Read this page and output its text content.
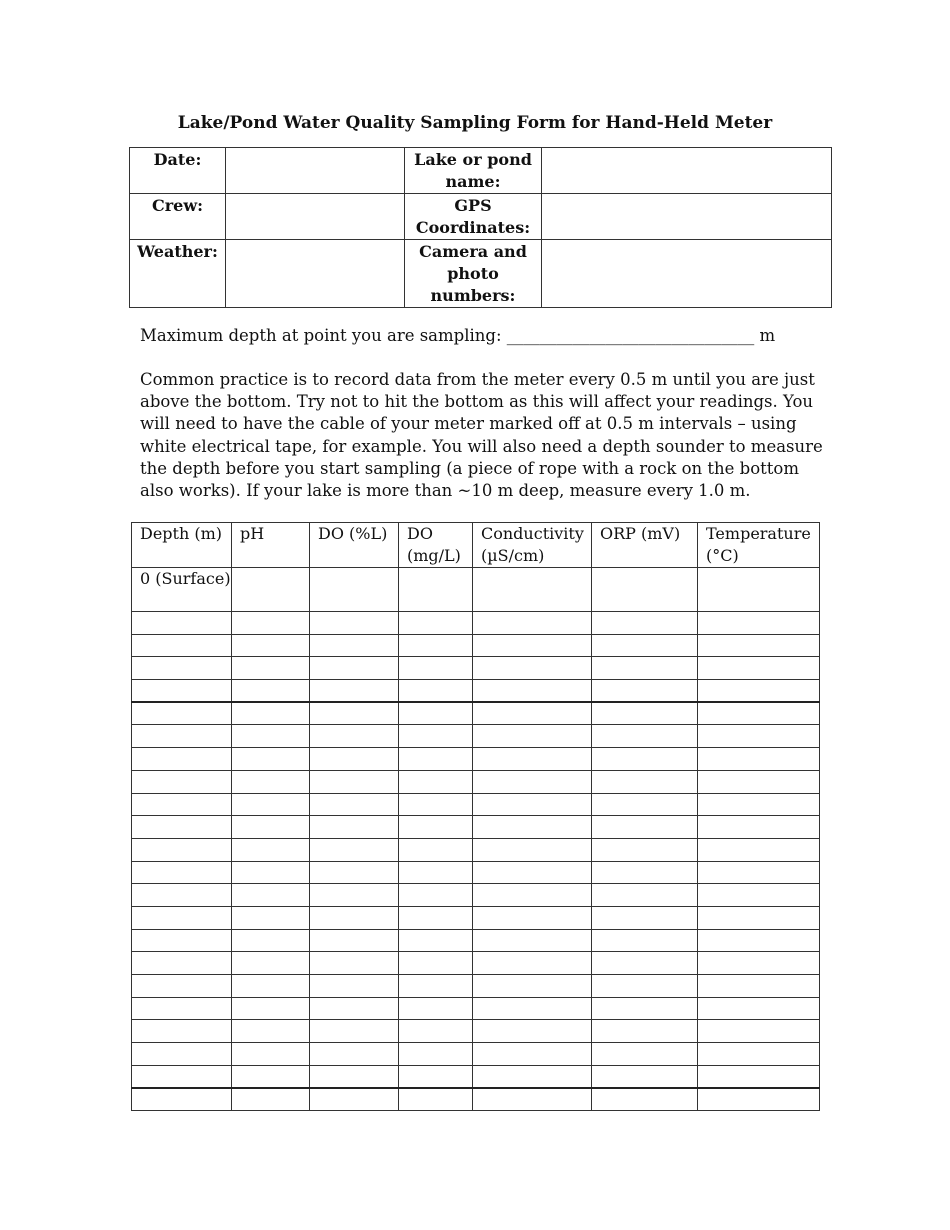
Lake/Pond Water Quality Sampling Form for Hand-Held Meter
Date:		Lake or pond name:	
Crew:		GPS Coordinates:	
Weather:		Camera and photo numbers:	
Maximum depth at point you are sampling: ______________________________ m
Common practice is to record data from the meter every 0.5 m until you are just above the bottom. Try not to hit the bottom as this will affect your readings. You will need to have the cable of your meter marked off at 0.5 m intervals – using white electrical tape, for example. You will also need a depth sounder to measure the depth before you start sampling (a piece of rope with a rock on the bottom also works). If your lake is more than ~10 m deep, measure every 1.0 m.
Depth (m)	pH	DO (%L)	DO (mg/L)	Conductivity (µS/cm)	ORP (mV)	Temperature (°C)
0 (Surface)						
